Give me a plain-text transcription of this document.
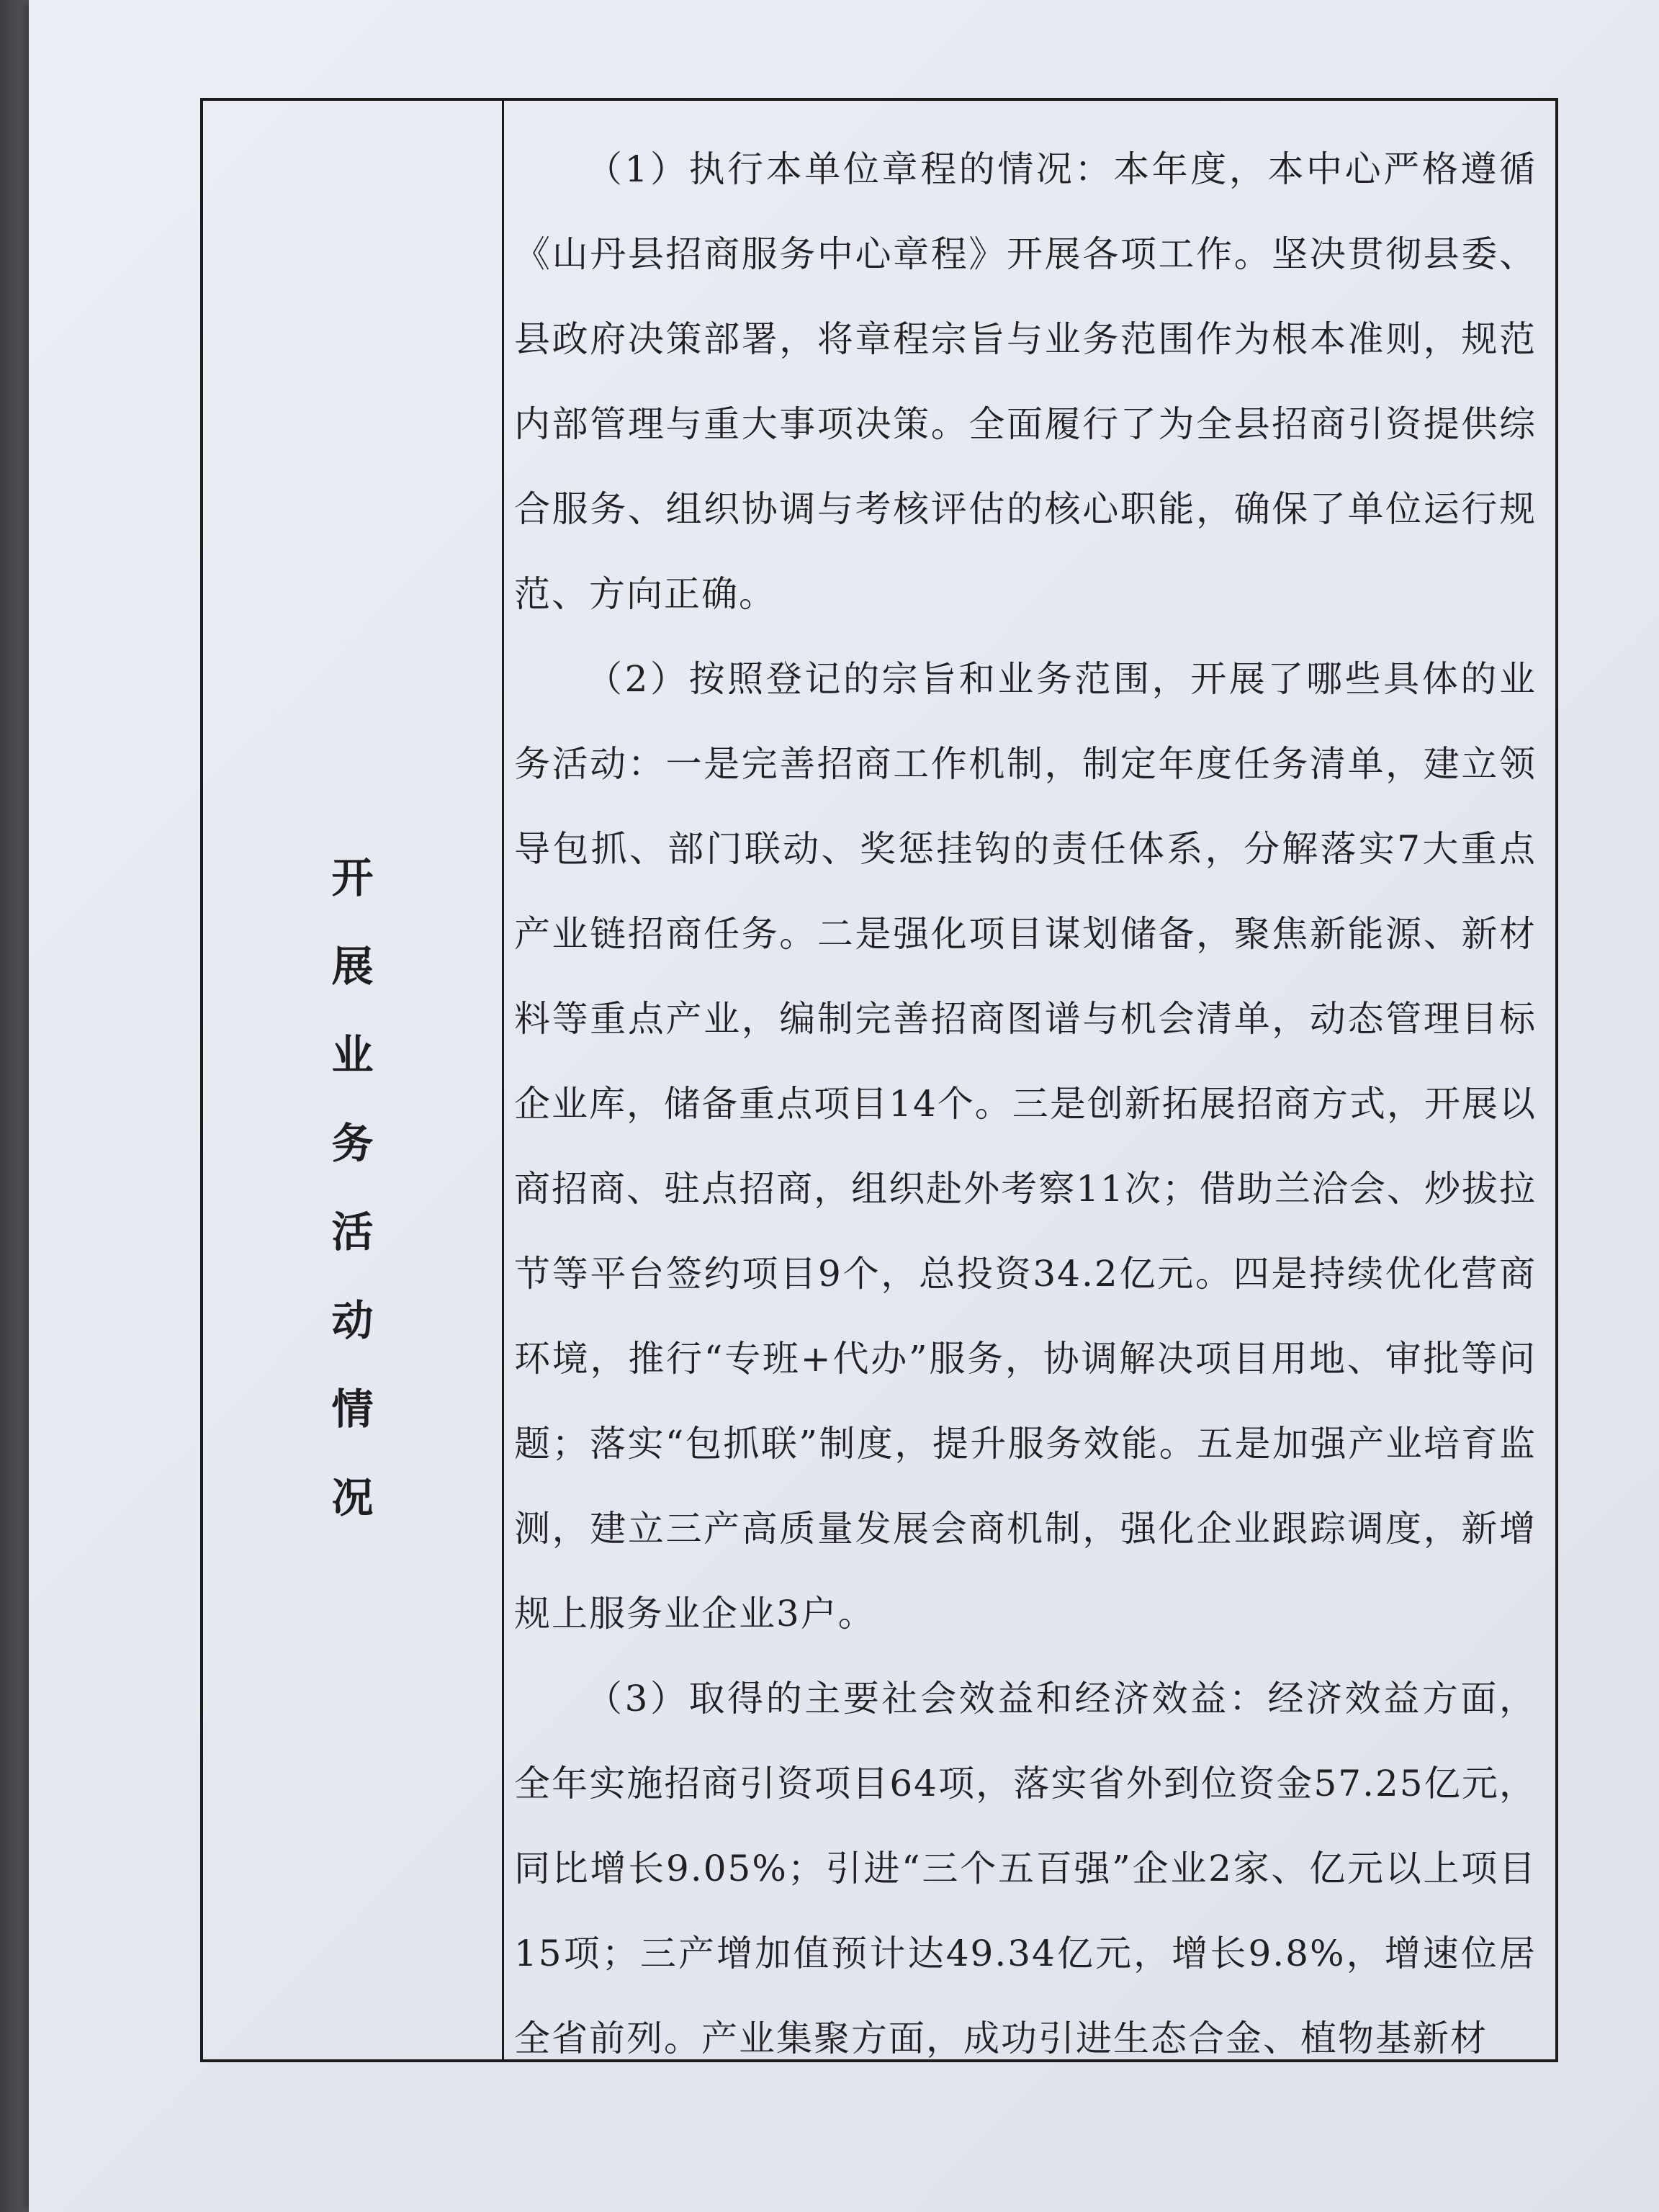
开
展
业
务
活
动
情
况

（1）执行本单位章程的情况：本年度，本中心严格遵循《山丹县招商服务中心章程》开展各项工作。坚决贯彻县委、县政府决策部署，将章程宗旨与业务范围作为根本准则，规范内部管理与重大事项决策。全面履行了为全县招商引资提供综合服务、组织协调与考核评估的核心职能，确保了单位运行规范、方向正确。

（2）按照登记的宗旨和业务范围，开展了哪些具体的业务活动：一是完善招商工作机制，制定年度任务清单，建立领导包抓、部门联动、奖惩挂钩的责任体系，分解落实7大重点产业链招商任务。二是强化项目谋划储备，聚焦新能源、新材料等重点产业，编制完善招商图谱与机会清单，动态管理目标企业库，储备重点项目14个。三是创新拓展招商方式，开展以商招商、驻点招商，组织赴外考察11次；借助兰洽会、炒拔拉节等平台签约项目9个，总投资34.2亿元。四是持续优化营商环境，推行“专班+代办”服务，协调解决项目用地、审批等问题；落实“包抓联”制度，提升服务效能。五是加强产业培育监测，建立三产高质量发展会商机制，强化企业跟踪调度，新增规上服务业企业3户。

（3）取得的主要社会效益和经济效益：经济效益方面，全年实施招商引资项目64项，落实省外到位资金57.25亿元，同比增长9.05%；引进“三个五百强”企业2家、亿元以上项目15项；三产增加值预计达49.34亿元，增长9.8%，增速位居全省前列。产业集聚方面，成功引进生态合金、植物基新材
